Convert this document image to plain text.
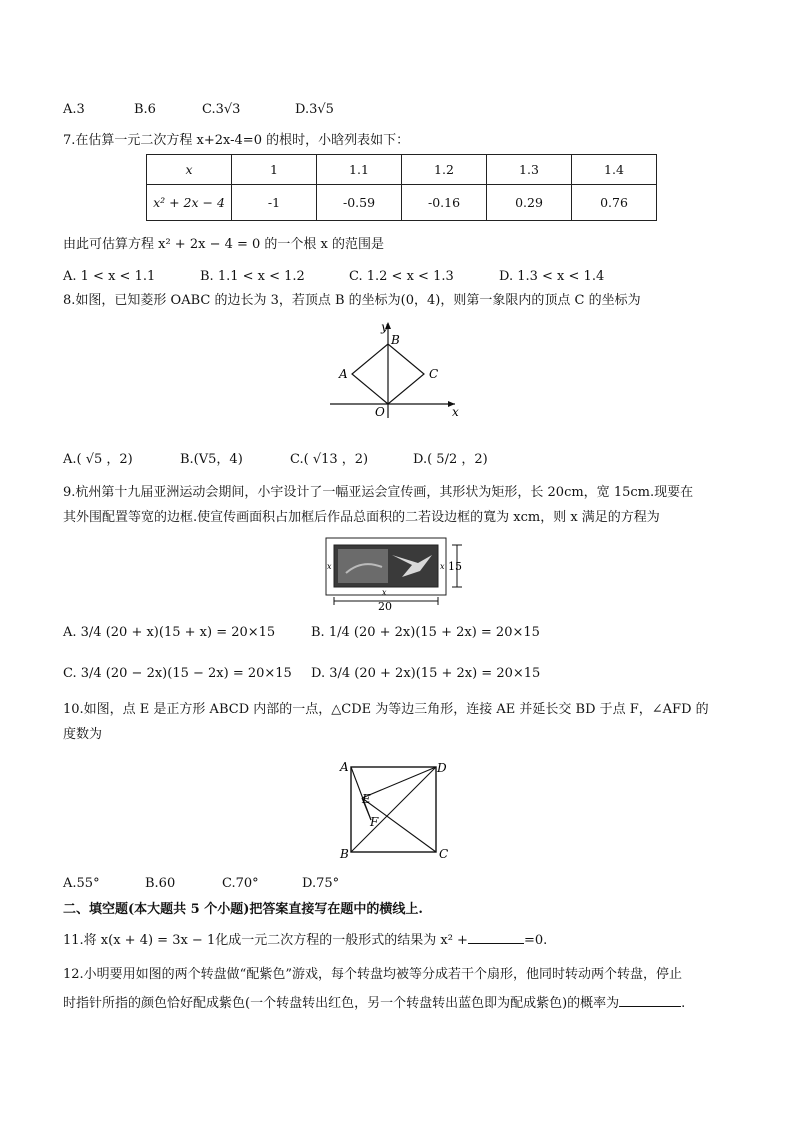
A.3	B.6	C.3√3	D.3√5
7.在估算一元二次方程 x+2x-4=0 的根时，小晗列表如下：
x	1	1.1	1.2	1.3	1.4
x² + 2x − 4	-1	-0.59	-0.16	0.29	0.76
由此可估算方程 x² + 2x − 4 = 0 的一个根 x 的范围是
A. 1 < x < 1.1	B. 1.1 < x < 1.2	C. 1.2 < x < 1.3	D. 1.3 < x < 1.4
8.如图，已知菱形 OABC 的边长为 3，若顶点 B 的坐标为(0，4)，则第一象限内的顶点 C 的坐标为
y
x
A
B
C
O
A.( √5 ，2)	B.(V5，4)	C.( √13 ，2)	D.( 5/2 ，2)
9.杭州第十九届亚洲运动会期间，小宇设计了一幅亚运会宣传画，其形状为矩形，长 20cm，宽 15cm.现要在
其外围配置等宽的边框.使宣传画面积占加框后作品总面积的二若设边框的寬为 xcm，则 x 满足的方程为
x
x	x
x
20
15
A. 3/4 (20 + x)(15 + x) = 20×15	B. 1/4 (20 + 2x)(15 + 2x) = 20×15
C. 3/4 (20 − 2x)(15 − 2x) = 20×15 D. 3/4 (20 + 2x)(15 + 2x) = 20×15
10.如图，点 E 是正方形 ABCD 内部的一点，△CDE 为等边三角形，连接 AE 并延长交 BD 于点 F，∠AFD 的
度数为
A
B	C
D
E
F
A.55°	B.60	C.70°	D.75°
二、填空题(本大题共 5 个小题)把答案直接写在题中的横线上.
11.将 x(x + 4) = 3x − 1化成一元二次方程的一般形式的结果为 x² +	=0.
12.小明要用如图的两个转盘做“配紫色”游戏，每个转盘均被等分成若干个扇形，他同时转动两个转盘，停止
时指针所指的颜色恰好配成紫色(一个转盘转出红色，另一个转盘转出蓝色即为配成紫色)的概率为	.
